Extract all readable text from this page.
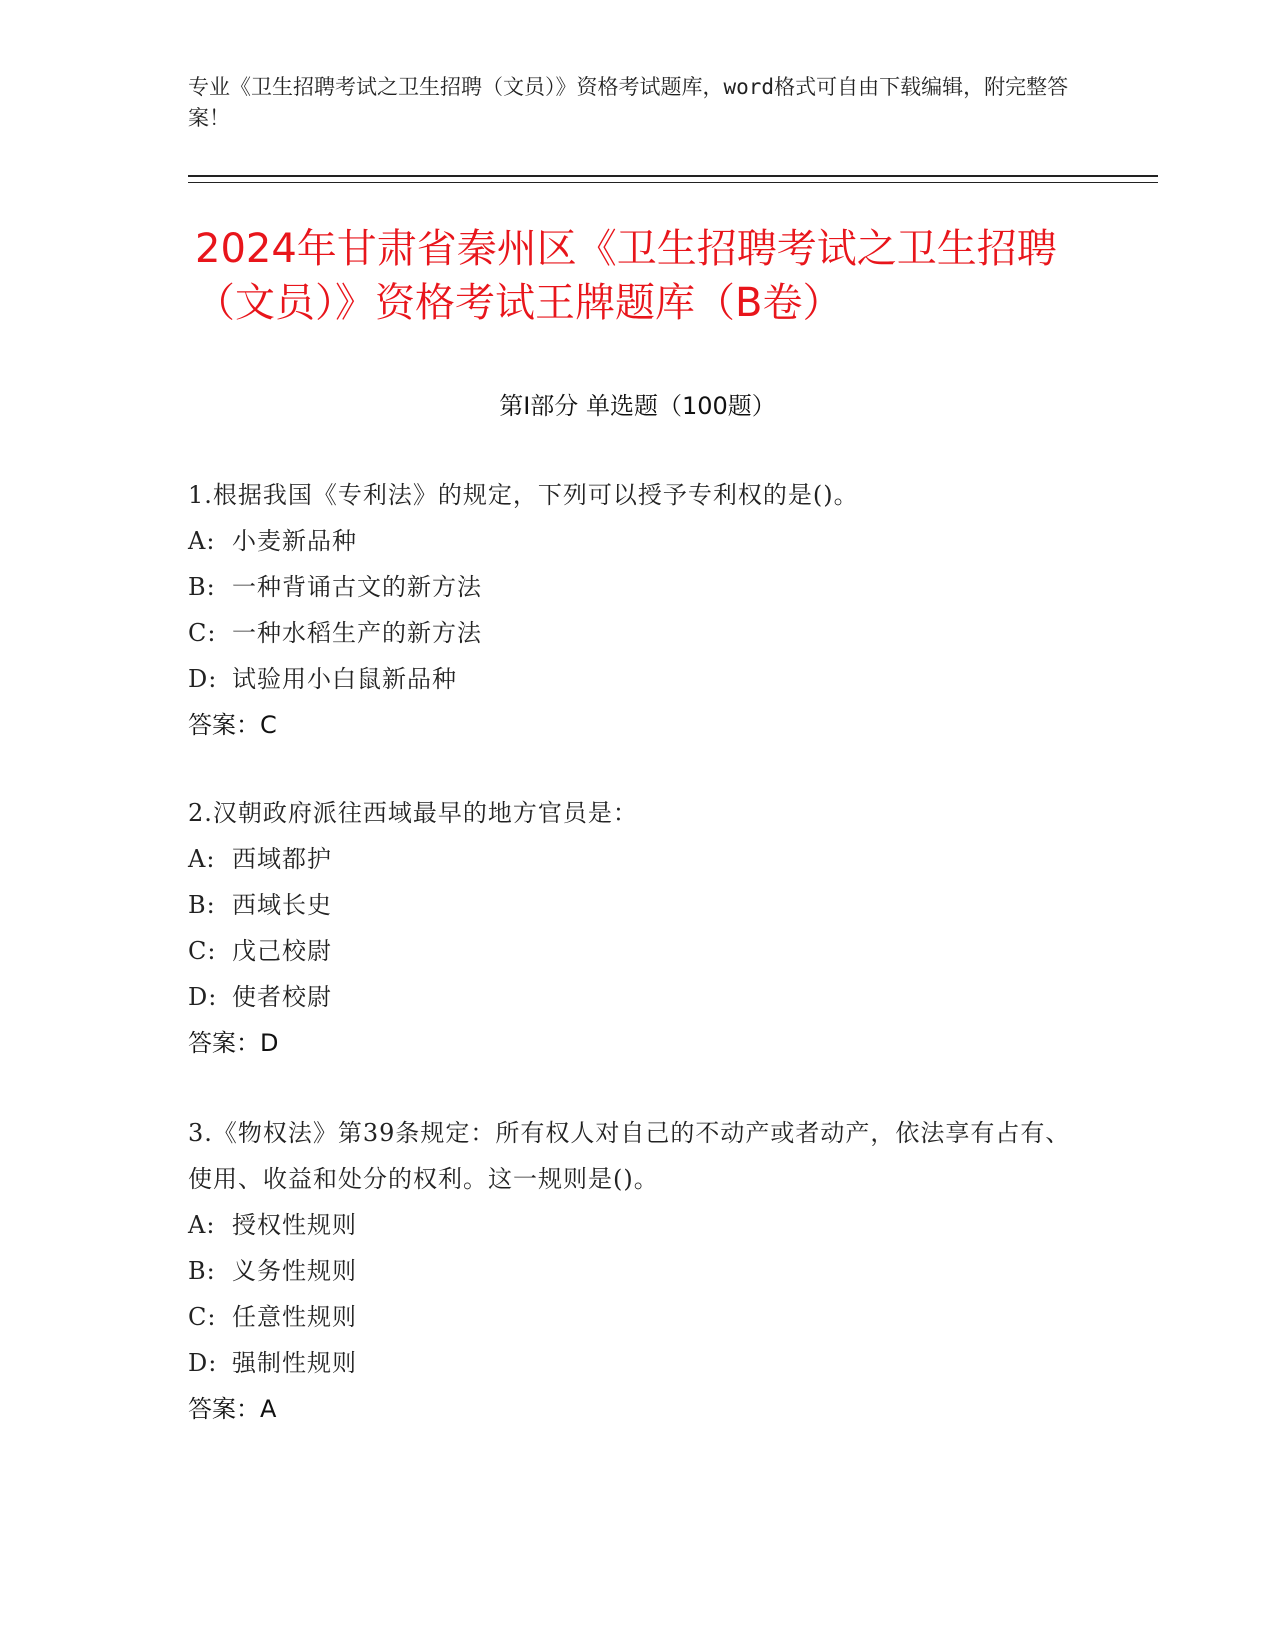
专业《卫生招聘考试之卫生招聘（文员）》资格考试题库，word格式可自由下载编辑，附完整答案！
2024年甘肃省秦州区《卫生招聘考试之卫生招聘（文员）》资格考试王牌题库（B卷）
第Ⅰ部分 单选题（100题）
1.根据我国《专利法》的规定，下列可以授予专利权的是()。
A: 小麦新品种
B: 一种背诵古文的新方法
C: 一种水稻生产的新方法
D: 试验用小白鼠新品种
答案：C
2.汉朝政府派往西域最早的地方官员是：
A: 西域都护
B: 西域长史
C: 戊己校尉
D: 使者校尉
答案：D
3.《物权法》第39条规定：所有权人对自己的不动产或者动产，依法享有占有、使用、收益和处分的权利。这一规则是()。
A: 授权性规则
B: 义务性规则
C: 任意性规则
D: 强制性规则
答案：A
